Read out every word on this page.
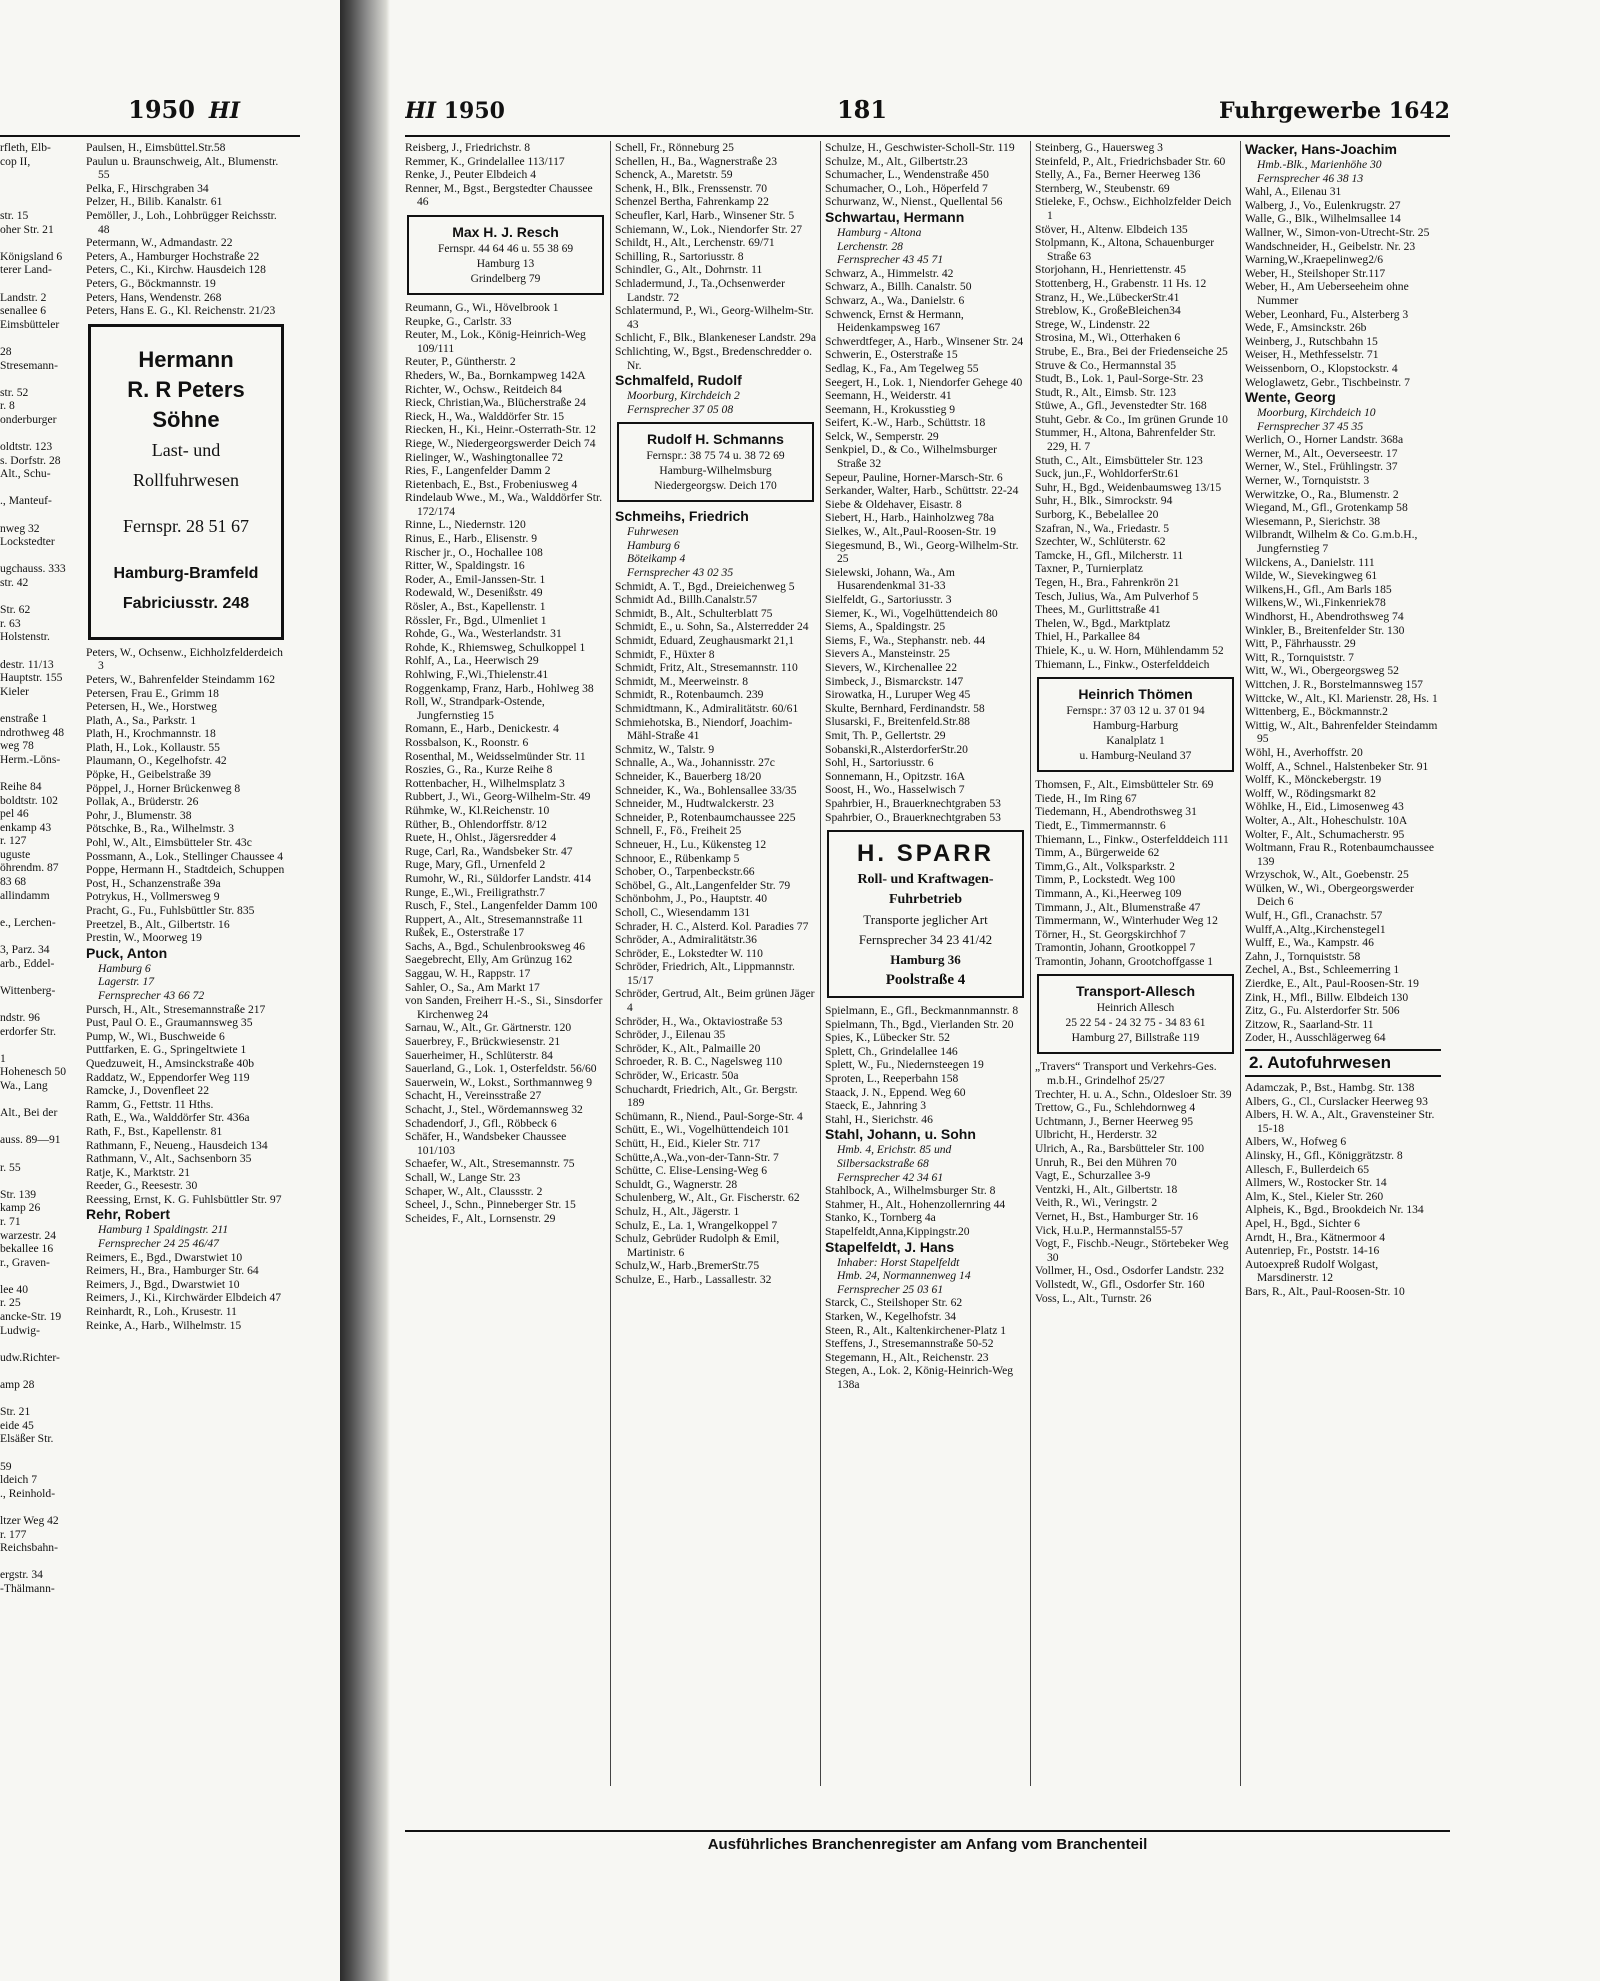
1950 HI
rfleth, Elb-
cop II,

str. 15
oher Str. 21

Königsland 6
terer Land-

Landstr. 2
senallee 6
Eimsbütteler

28
Stresemann-

str. 52
r. 8
onderburger

oldtstr. 123
s. Dorfstr. 28
Alt., Schu-

., Manteuf-

nweg 32
Lockstedter

ugchauss. 333
str. 42

Str. 62
r. 63
Holstenstr.

destr. 11/13
Hauptstr. 155
Kieler

enstraße 1
ndrothweg 48
weg 78
Herm.-Löns-

Reihe 84
boldtstr. 102
pel 46
enkamp 43
r. 127
uguste
öhrendm. 87
83 68
allindamm

e., Lerchen-

3, Parz. 34
arb., Eddel-

Wittenberg-

ndstr. 96
erdorfer Str.

1
Hohenesch 50
Wa., Lang

Alt., Bei der

auss. 89—91

r. 55

Str. 139
kamp 26
r. 71
warzestr. 24
bekallee 16
r., Graven-

lee 40
r. 25
ancke-Str. 19
Ludwig-

udw.Richter-

amp 28

Str. 21
eide 45
Elsäßer Str.

59
ldeich 7
., Reinhold-

ltzer Weg 42
r. 177
Reichsbahn-

ergstr. 34
-Thälmann-
Paulsen, H., Eimsbüttel.Str.58
Paulun u. Braunschweig, Alt., Blumenstr. 55
Pelka, F., Hirschgraben 34
Pelzer, H., Bilib. Kanalstr. 61
Pemöller, J., Loh., Lohbrügger Reichsstr. 48
Petermann, W., Admandastr. 22
Peters, A., Hamburger Hochstraße 22
Peters, C., Ki., Kirchw. Hausdeich 128
Peters, G., Böckmannstr. 19
Peters, Hans, Wendenstr. 268
Peters, Hans E. G., Kl. Reichenstr. 21/23
Hermann
R. R Peters Söhne
Last- und
Rollfuhrwesen
Fernspr. 28 51 67
Hamburg-Bramfeld
Fabriciusstr. 248
Peters, W., Ochsenw., Eichholzfelderdeich 3
Peters, W., Bahrenfelder Steindamm 162
Petersen, Frau E., Grimm 18
Petersen, H., We., Horstweg
Plath, A., Sa., Parkstr. 1
Plath, H., Krochmannstr. 18
Plath, H., Lok., Kollaustr. 55
Plaumann, O., Kegelhofstr. 42
Pöpke, H., Geibelstraße 39
Pöppel, J., Horner Brückenweg 8
Pollak, A., Brüderstr. 26
Pohr, J., Blumenstr. 38
Pötschke, B., Ra., Wilhelmstr. 3
Pohl, W., Alt., Eimsbütteler Str. 43c
Possmann, A., Lok., Stellinger Chaussee 4
Poppe, Hermann H., Stadtdeich, Schuppen
Post, H., Schanzenstraße 39a
Potrykus, H., Vollmersweg 9
Pracht, G., Fu., Fuhlsbüttler Str. 835
Preetzel, B., Alt., Gilbertstr. 16
Prestin, W., Moorweg 19
Puck, Anton
Hamburg 6
Lagerstr. 17
Fernsprecher 43 66 72
Pursch, H., Alt., Stresemannstraße 217
Pust, Paul O. E., Graumannsweg 35
Pump, W., Wi., Buschweide 6
Puttfarken, E. G., Springeltwiete 1
Quedzuweit, H., Amsinckstraße 40b
Raddatz, W., Eppendorfer Weg 119
Ramcke, J., Dovenfleet 22
Ramm, G., Fettstr. 11 Hths.
Rath, E., Wa., Walddörfer Str. 436a
Rath, F., Bst., Kapellenstr. 81
Rathmann, F., Neueng., Hausdeich 134
Rathmann, V., Alt., Sachsenborn 35
Ratje, K., Marktstr. 21
Reeder, G., Reesestr. 30
Reessing, Ernst, K. G. Fuhlsbüttler Str. 97
Rehr, Robert
Hamburg 1 Spaldingstr. 211
Fernsprecher 24 25 46/47
Reimers, E., Bgd., Dwarstwiet 10
Reimers, H., Bra., Hamburger Str. 64
Reimers, J., Bgd., Dwarstwiet 10
Reimers, J., Ki., Kirchwärder Elbdeich 47
Reinhardt, R., Loh., Krusestr. 11
Reinke, A., Harb., Wilhelmstr. 15
HI 1950	181	Fuhrgewerbe 1642
Reisberg, J., Friedrichstr. 8
Remmer, K., Grindelallee 113/117
Renke, J., Peuter Elbdeich 4
Renner, M., Bgst., Bergstedter Chaussee 46
Max H. J. Resch
Fernspr. 44 64 46 u. 55 38 69
Hamburg 13
Grindelberg 79
Reumann, G., Wi., Hövelbrook 1
Reupke, G., Carlstr. 33
Reuter, M., Lok., König-Heinrich-Weg 109/111
Reuter, P., Güntherstr. 2
Rheders, W., Ba., Bornkampweg 142A
Richter, W., Ochsw., Reitdeich 84
Rieck, Christian,Wa., Blücherstraße 24
Rieck, H., Wa., Walddörfer Str. 15
Riecken, H., Ki., Heinr.-Osterrath-Str. 12
Riege, W., Niedergeorgswerder Deich 74
Rielinger, W., Washingtonallee 72
Ries, F., Langenfelder Damm 2
Rietenbach, E., Bst., Frobeniusweg 4
Rindelaub Wwe., M., Wa., Walddörfer Str. 172/174
Rinne, L., Niedernstr. 120
Rinus, E., Harb., Elisenstr. 9
Rischer jr., O., Hochallee 108
Ritter, W., Spaldingstr. 16
Roder, A., Emil-Janssen-Str. 1
Rodewald, W., Desenißstr. 49
Rösler, A., Bst., Kapellenstr. 1
Rössler, Fr., Bgd., Ulmenliet 1
Rohde, G., Wa., Westerlandstr. 31
Rohde, K., Rhiemsweg, Schulkoppel 1
Rohlf, A., La., Heerwisch 29
Rohlwing, F.,Wi.,Thielenstr.41
Roggenkamp, Franz, Harb., Hohlweg 38
Roll, W., Strandpark-Ostende, Jungfernstieg 15
Romann, E., Harb., Denickestr. 4
Rossbalson, K., Roonstr. 6
Rosenthal, M., Weidsselmünder Str. 11
Roszies, G., Ra., Kurze Reihe 8
Rottenbacher, H., Wilhelmsplatz 3
Rubbert, J., Wi., Georg-Wilhelm-Str. 49
Rühmke, W., Kl.Reichenstr. 10
Rüther, B., Ohlendorffstr. 8/12
Ruete, H., Ohlst., Jägersredder 4
Ruge, Carl, Ra., Wandsbeker Str. 47
Ruge, Mary, Gfl., Urnenfeld 2
Rumohr, W., Ri., Süldorfer Landstr. 414
Runge, E.,Wi., Freiligrathstr.7
Rusch, F., Stel., Langenfelder Damm 100
Ruppert, A., Alt., Stresemannstraße 11
Rußek, E., Osterstraße 17
Sachs, A., Bgd., Schulenbrooksweg 46
Saegebrecht, Elly, Am Grünzug 162
Saggau, W. H., Rappstr. 17
Sahler, O., Sa., Am Markt 17
von Sanden, Freiherr H.-S., Si., Sinsdorfer Kirchenweg 24
Sarnau, W., Alt., Gr. Gärtnerstr. 120
Sauerbrey, F., Brückwiesenstr. 21
Sauerheimer, H., Schlüterstr. 84
Sauerland, G., Lok. 1, Osterfeldstr. 56/60
Sauerwein, W., Lokst., Sorthmannweg 9
Schacht, H., Vereinsstraße 27
Schacht, J., Stel., Wördemannsweg 32
Schadendorf, J., Gfl., Röbbeck 6
Schäfer, H., Wandsbeker Chaussee 101/103
Schaefer, W., Alt., Stresemannstr. 75
Schall, W., Lange Str. 23
Schaper, W., Alt., Claussstr. 2
Scheel, J., Schn., Pinneberger Str. 15
Scheides, F., Alt., Lornsenstr. 29
Schell, Fr., Rönneburg 25
Schellen, H., Ba., Wagnerstraße 23
Schenck, A., Maretstr. 59
Schenk, H., Blk., Frenssenstr. 70
Schenzel Bertha, Fahrenkamp 22
Scheufler, Karl, Harb., Winsener Str. 5
Schiemann, W., Lok., Niendorfer Str. 27
Schildt, H., Alt., Lerchenstr. 69/71
Schilling, R., Sartoriusstr. 8
Schindler, G., Alt., Dohrnstr. 11
Schladermund, J., Ta.,Ochsenwerder Landstr. 72
Schlatermund, P., Wi., Georg-Wilhelm-Str. 43
Schlicht, F., Blk., Blankeneser Landstr. 29a
Schlichting, W., Bgst., Bredenschredder o. Nr.
Schmalfeld, Rudolf
Moorburg, Kirchdeich 2
Fernsprecher 37 05 08
Rudolf H. Schmanns
Fernspr.: 38 75 74 u. 38 72 69
Hamburg-Wilhelmsburg
Niedergeorgsw. Deich 170
Schmeihs, Friedrich
Fuhrwesen
Hamburg 6
Böteikamp 4
Fernsprecher 43 02 35
Schmidt, A. T., Bgd., Dreieichenweg 5
Schmidt Ad., Billh.Canalstr.57
Schmidt, B., Alt., Schulterblatt 75
Schmidt, E., u. Sohn, Sa., Alsterredder 24
Schmidt, Eduard, Zeughausmarkt 21,1
Schmidt, F., Hüxter 8
Schmidt, Fritz, Alt., Stresemannstr. 110
Schmidt, M., Meerweinstr. 8
Schmidt, R., Rotenbaumch. 239
Schmidtmann, K., Admiralitätstr. 60/61
Schmiehotska, B., Niendorf, Joachim-Mähl-Straße 41
Schmitz, W., Talstr. 9
Schnalle, A., Wa., Johannisstr. 27c
Schneider, K., Bauerberg 18/20
Schneider, K., Wa., Bohlensallee 33/35
Schneider, M., Hudtwalckerstr. 23
Schneider, P., Rotenbaumchaussee 225
Schnell, F., Fö., Freiheit 25
Schneuer, H., Lu., Kükensteg 12
Schnoor, E., Rübenkamp 5
Schober, O., Tarpenbeckstr.66
Schöbel, G., Alt.,Langenfelder Str. 79
Schönbohm, J., Po., Hauptstr. 40
Scholl, C., Wiesendamm 131
Schrader, H. C., Alsterd. Kol. Paradies 77
Schröder, A., Admiralitätstr.36
Schröder, E., Lokstedter W. 110
Schröder, Friedrich, Alt., Lippmannstr. 15/17
Schröder, Gertrud, Alt., Beim grünen Jäger 4
Schröder, H., Wa., Oktaviostraße 53
Schröder, J., Eilenau 35
Schröder, K., Alt., Palmaille 20
Schroeder, R. B. C., Nagelsweg 110
Schröder, W., Ericastr. 50a
Schuchardt, Friedrich, Alt., Gr. Bergstr. 189
Schümann, R., Niend., Paul-Sorge-Str. 4
Schütt, E., Wi., Vogelhüttendeich 101
Schütt, H., Eid., Kieler Str. 717
Schütte,A.,Wa.,von-der-Tann-Str. 7
Schütte, C. Elise-Lensing-Weg 6
Schuldt, G., Wagnerstr. 28
Schulenberg, W., Alt., Gr. Fischerstr. 62
Schulz, H., Alt., Jägerstr. 1
Schulz, E., La. 1, Wrangelkoppel 7
Schulz, Gebrüder Rudolph & Emil, Martinistr. 6
Schulz,W., Harb.,BremerStr.75
Schulze, E., Harb., Lassallestr. 32
Schulze, H., Geschwister-Scholl-Str. 119
Schulze, M., Alt., Gilbertstr.23
Schumacher, L., Wendenstraße 450
Schumacher, O., Loh., Höperfeld 7
Schurwanz, W., Nienst., Quellental 56
Schwartau, Hermann
Hamburg - Altona
Lerchenstr. 28
Fernsprecher 43 45 71
Schwarz, A., Himmelstr. 42
Schwarz, A., Billh. Canalstr. 50
Schwarz, A., Wa., Danielstr. 6
Schwenck, Ernst & Hermann, Heidenkampsweg 167
Schwerdtfeger, A., Harb., Winsener Str. 24
Schwerin, E., Osterstraße 15
Sedlag, K., Fa., Am Tegelweg 55
Seegert, H., Lok. 1, Niendorfer Gehege 40
Seemann, H., Weiderstr. 41
Seemann, H., Krokusstieg 9
Seifert, K.-W., Harb., Schüttstr. 18
Selck, W., Semperstr. 29
Senkpiel, D., & Co., Wilhelmsburger Straße 32
Sepeur, Pauline, Horner-Marsch-Str. 6
Serkander, Walter, Harb., Schüttstr. 22-24
Siebe & Oldehaver, Eisastr. 8
Siebert, H., Harb., Hainholzweg 78a
Sielkes, W., Alt.,Paul-Roosen-Str. 19
Siegesmund, B., Wi., Georg-Wilhelm-Str. 25
Sielewski, Johann, Wa., Am Husarendenkmal 31-33
Sielfeldt, G., Sartoriusstr. 3
Siemer, K., Wi., Vogelhüttendeich 80
Siems, A., Spaldingstr. 25
Siems, F., Wa., Stephanstr. neb. 44
Sievers A., Mansteinstr. 25
Sievers, W., Kirchenallee 22
Simbeck, J., Bismarckstr. 147
Sirowatka, H., Luruper Weg 45
Skulte, Bernhard, Ferdinandstr. 58
Slusarski, F., Breitenfeld.Str.88
Smit, Th. P., Gellertstr. 29
Sobanski,R.,AlsterdorferStr.20
Sohl, H., Sartoriusstr. 6
Sonnemann, H., Opitzstr. 16A
Soost, H., Wo., Hasselwisch 7
Spahrbier, H., Brauerknechtgraben 53
Spahrbier, O., Brauerknechtgraben 53
H. SPARR
Roll- und Kraftwagen-
Fuhrbetrieb
Transporte jeglicher Art
Fernsprecher 34 23 41/42
Hamburg 36
Poolstraße 4
Spielmann, E., Gfl., Beckmannmannstr. 8
Spielmann, Th., Bgd., Vierlanden Str. 20
Spies, K., Lübecker Str. 52
Splett, Ch., Grindelallee 146
Splett, W., Fu., Niedernsteegen 19
Sproten, L., Reeperbahn 158
Staack, J. N., Eppend. Weg 60
Staeck, E., Jahnring 3
Stahl, H., Sierichstr. 46
Stahl, Johann, u. Sohn
Hmb. 4, Erichstr. 85 und
Silbersackstraße 68
Fernsprecher 42 34 61
Stahlbock, A., Wilhelmsburger Str. 8
Stahmer, H., Alt., Hohenzollernring 44
Stanko, K., Tornberg 4a
Stapelfeldt,Anna,Kippingstr.20
Stapelfeldt, J. Hans
Inhaber: Horst Stapelfeldt
Hmb. 24, Normannenweg 14
Fernsprecher 25 03 61
Starck, C., Steilshoper Str. 62
Starken, W., Kegelhofstr. 34
Steen, R., Alt., Kaltenkirchener-Platz 1
Steffens, J., Stresemannstraße 50-52
Stegemann, H., Alt., Reichenstr. 23
Stegen, A., Lok. 2, König-Heinrich-Weg 138a
Steinberg, G., Hauersweg 3
Steinfeld, P., Alt., Friedrichsbader Str. 60
Stelly, A., Fa., Berner Heerweg 136
Sternberg, W., Steubenstr. 69
Stieleke, F., Ochsw., Eichholzfelder Deich 1
Stöver, H., Altenw. Elbdeich 135
Stolpmann, K., Altona, Schauenburger Straße 63
Storjohann, H., Henriettenstr. 45
Stottenberg, H., Grabenstr. 11 Hs. 12
Stranz, H., We.,LübeckerStr.41
Streblow, K., GroßeBleichen34
Strege, W., Lindenstr. 22
Strosina, M., Wi., Otterhaken 6
Strube, E., Bra., Bei der Friedenseiche 25
Struve & Co., Hermannstal 35
Studt, B., Lok. 1, Paul-Sorge-Str. 23
Studt, R., Alt., Eimsb. Str. 123
Stüwe, A., Gfl., Jevenstedter Str. 168
Stuht, Gebr. & Co., Im grünen Grunde 10
Stummer, H., Altona, Bahrenfelder Str. 229, H. 7
Stuth, C., Alt., Eimsbütteler Str. 123
Suck, jun.,F., WohldorferStr.61
Suhr, H., Bgd., Weidenbaumsweg 13/15
Suhr, H., Blk., Simrockstr. 94
Surborg, K., Bebelallee 20
Szafran, N., Wa., Friedastr. 5
Szechter, W., Schlüterstr. 62
Tamcke, H., Gfl., Milcherstr. 11
Taxner, P., Turnierplatz
Tegen, H., Bra., Fahrenkrön 21
Tesch, Julius, Wa., Am Pulverhof 5
Thees, M., Gurlittstraße 41
Thelen, W., Bgd., Marktplatz
Thiel, H., Parkallee 84
Thiele, K., u. W. Horn, Mühlendamm 52
Thiemann, L., Finkw., Osterfelddeich
Heinrich Thömen
Fernspr.: 37 03 12 u. 37 01 94
Hamburg-Harburg
Kanalplatz 1
u. Hamburg-Neuland 37
Thomsen, F., Alt., Eimsbütteler Str. 69
Tiede, H., Im Ring 67
Tiedemann, H., Abendrothsweg 31
Tiedt, E., Timmermannstr. 6
Thiemann, L., Finkw., Osterfelddeich 111
Timm, A., Bürgerweide 62
Timm,G., Alt., Volksparkstr. 2
Timm, P., Lockstedt. Weg 100
Timmann, A., Ki.,Heerweg 109
Timmann, J., Alt., Blumenstraße 47
Timmermann, W., Winterhuder Weg 12
Törner, H., St. Georgskirchhof 7
Tramontin, Johann, Grootkoppel 7
Tramontin, Johann, Grootchoffgasse 1
Transport-Allesch
Heinrich Allesch
25 22 54 - 24 32 75 - 34 83 61
Hamburg 27, Billstraße 119
„Travers“ Transport und Verkehrs-Ges. m.b.H., Grindelhof 25/27
Trechter, H. u. A., Schn., Oldesloer Str. 39
Trettow, G., Fu., Schlehdornweg 4
Uchtmann, J., Berner Heerweg 95
Ulbricht, H., Herderstr. 32
Ulrich, A., Ra., Barsbütteler Str. 100
Unruh, R., Bei den Mühren 70
Vagt, E., Schurzallee 3-9
Ventzki, H., Alt., Gilbertstr. 18
Veith, R., Wi., Veringstr. 2
Vernet, H., Bst., Hamburger Str. 16
Vick, H.u.P., Hermannstal55-57
Vogt, F., Fischb.-Neugr., Störtebeker Weg 30
Vollmer, H., Osd., Osdorfer Landstr. 232
Vollstedt, W., Gfl., Osdorfer Str. 160
Voss, L., Alt., Turnstr. 26
Wacker, Hans-Joachim
Hmb.-Blk., Marienhöhe 30
Fernsprecher 46 38 13
Wahl, A., Eilenau 31
Walberg, J., Vo., Eulenkrugstr. 27
Walle, G., Blk., Wilhelmsallee 14
Wallner, W., Simon-von-Utrecht-Str. 25
Wandschneider, H., Geibelstr. Nr. 23
Warning,W.,Kraepelinweg2/6
Weber, H., Steilshoper Str.117
Weber, H., Am Ueberseeheim ohne Nummer
Weber, Leonhard, Fu., Alsterberg 3
Wede, F., Amsinckstr. 26b
Weinberg, J., Rutschbahn 15
Weiser, H., Methfesselstr. 71
Weissenborn, O., Klopstockstr. 4
Weloglawetz, Gebr., Tischbeinstr. 7
Wente, Georg
Moorburg, Kirchdeich 10
Fernsprecher 37 45 35
Werlich, O., Horner Landstr. 368a
Werner, M., Alt., Oeverseestr. 17
Werner, W., Stel., Frühlingstr. 37
Werner, W., Tornquiststr. 3
Werwitzke, O., Ra., Blumenstr. 2
Wiegand, M., Gfl., Grotenkamp 58
Wiesemann, P., Sierichstr. 38
Wilbrandt, Wilhelm & Co. G.m.b.H., Jungfernstieg 7
Wilckens, A., Danielstr. 111
Wilde, W., Sievekingweg 61
Wilkens,H., Gfl., Am Barls 185
Wilkens,W., Wi.,Finkenriek78
Windhorst, H., Abendrothsweg 74
Winkler, B., Breitenfelder Str. 130
Witt, P., Fährhausstr. 29
Witt, R., Tornquiststr. 7
Witt, W., Wi., Obergeorgsweg 52
Wittchen, J. R., Borstelmannsweg 157
Wittcke, W., Alt., Kl. Marienstr. 28, Hs. 1
Wittenberg, E., Böckmannstr.2
Wittig, W., Alt., Bahrenfelder Steindamm 95
Wöhl, H., Averhoffstr. 20
Wolff, A., Schnel., Halstenbeker Str. 91
Wolff, K., Mönckebergstr. 19
Wolff, W., Rödingsmarkt 82
Wöhlke, H., Eid., Limosenweg 43
Wolter, A., Alt., Hoheschulstr. 10A
Wolter, F., Alt., Schumacherstr. 95
Woltmann, Frau R., Rotenbaumchaussee 139
Wrzyschok, W., Alt., Goebenstr. 25
Wülken, W., Wi., Obergeorgswerder Deich 6
Wulf, H., Gfl., Cranachstr. 57
Wulff,A.,Altg.,Kirchenstegel1
Wulff, E., Wa., Kampstr. 46
Zahn, J., Tornquiststr. 58
Zechel, A., Bst., Schleemerring 1
Zierdke, E., Alt., Paul-Roosen-Str. 19
Zink, H., Mfl., Billw. Elbdeich 130
Zitz, G., Fu. Alsterdorfer Str. 506
Zitzow, R., Saarland-Str. 11
Zoder, H., Ausschlägerweg 64
2. Autofuhrwesen
Adamczak, P., Bst., Hambg. Str. 138
Albers, G., Cl., Curslacker Heerweg 93
Albers, H. W. A., Alt., Gravensteiner Str. 15-18
Albers, W., Hofweg 6
Alinsky, H., Gfl., Königgrätzstr. 8
Allesch, F., Bullerdeich 65
Allmers, W., Rostocker Str. 14
Alm, K., Stel., Kieler Str. 260
Alpheis, K., Bgd., Brookdeich Nr. 134
Apel, H., Bgd., Sichter 6
Arndt, H., Bra., Kätnermoor 4
Autenriep, Fr., Poststr. 14-16
Autoexpreß Rudolf Wolgast, Marsdinerstr. 12
Bars, R., Alt., Paul-Roosen-Str. 10
Ausführliches Branchenregister am Anfang vom Branchenteil
